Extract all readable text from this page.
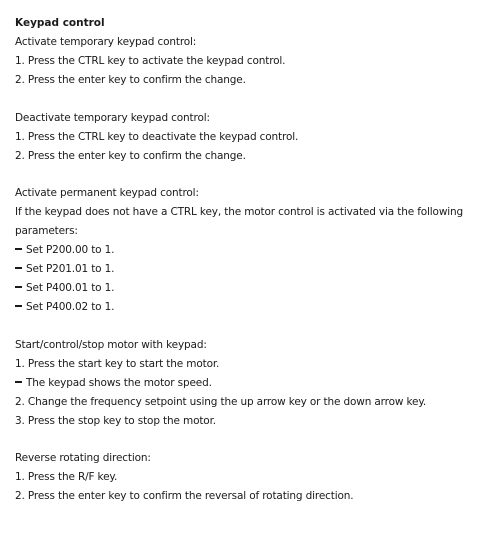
Keypad control
Activate temporary keypad control:
1. Press the CTRL key to activate the keypad control.
2. Press the enter key to confirm the change.
Deactivate temporary keypad control:
1. Press the CTRL key to deactivate the keypad control.
2. Press the enter key to confirm the change.
Activate permanent keypad control:
If the keypad does not have a CTRL key, the motor control is activated via the following parameters:
Set P200.00 to 1.
Set P201.01 to 1.
Set P400.01 to 1.
Set P400.02 to 1.
Start/control/stop motor with keypad:
1. Press the start key to start the motor.
The keypad shows the motor speed.
2. Change the frequency setpoint using the up arrow key or the down arrow key.
3. Press the stop key to stop the motor.
Reverse rotating direction:
1. Press the R/F key.
2. Press the enter key to confirm the reversal of rotating direction.
